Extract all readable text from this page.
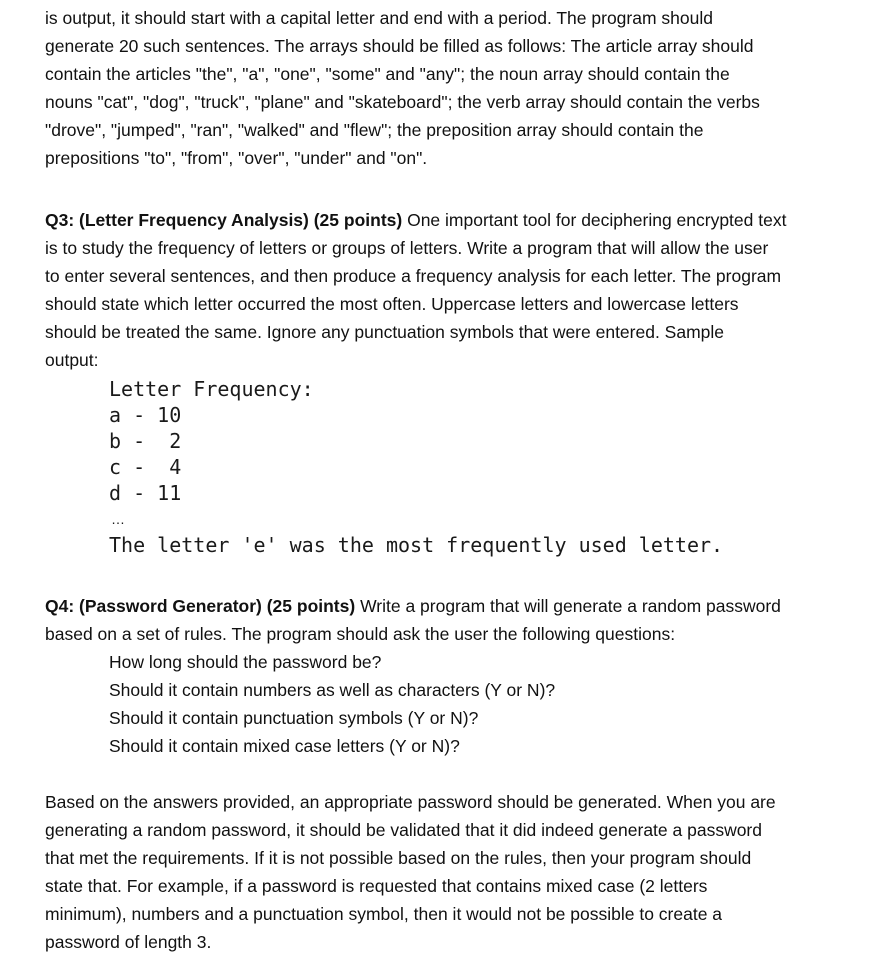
is output, it should start with a capital letter and end with a period. The program should
generate 20 such sentences. The arrays should be filled as follows: The article array should
contain the articles "the", "a", "one", "some" and "any"; the noun array should contain the
nouns "cat", "dog", "truck", "plane" and "skateboard"; the verb array should contain the verbs
"drove", "jumped", "ran", "walked" and "flew"; the preposition array should contain the
prepositions "to", "from", "over", "under" and "on".
Q3: (Letter Frequency Analysis) (25 points) One important tool for deciphering encrypted text
is to study the frequency of letters or groups of letters. Write a program that will allow the user
to enter several sentences, and then produce a frequency analysis for each letter. The program
should state which letter occurred the most often. Uppercase letters and lowercase letters
should be treated the same. Ignore any punctuation symbols that were entered. Sample
output:
Letter Frequency:
a - 10
b -  2
c -  4
d - 11
…
The letter 'e' was the most frequently used letter.
Q4: (Password Generator) (25 points) Write a program that will generate a random password
based on a set of rules. The program should ask the user the following questions:
How long should the password be?
Should it contain numbers as well as characters (Y or N)?
Should it contain punctuation symbols (Y or N)?
Should it contain mixed case letters (Y or N)?
Based on the answers provided, an appropriate password should be generated. When you are
generating a random password, it should be validated that it did indeed generate a password
that met the requirements. If it is not possible based on the rules, then your program should
state that. For example, if a password is requested that contains mixed case (2 letters
minimum), numbers and a punctuation symbol, then it would not be possible to create a
password of length 3.
